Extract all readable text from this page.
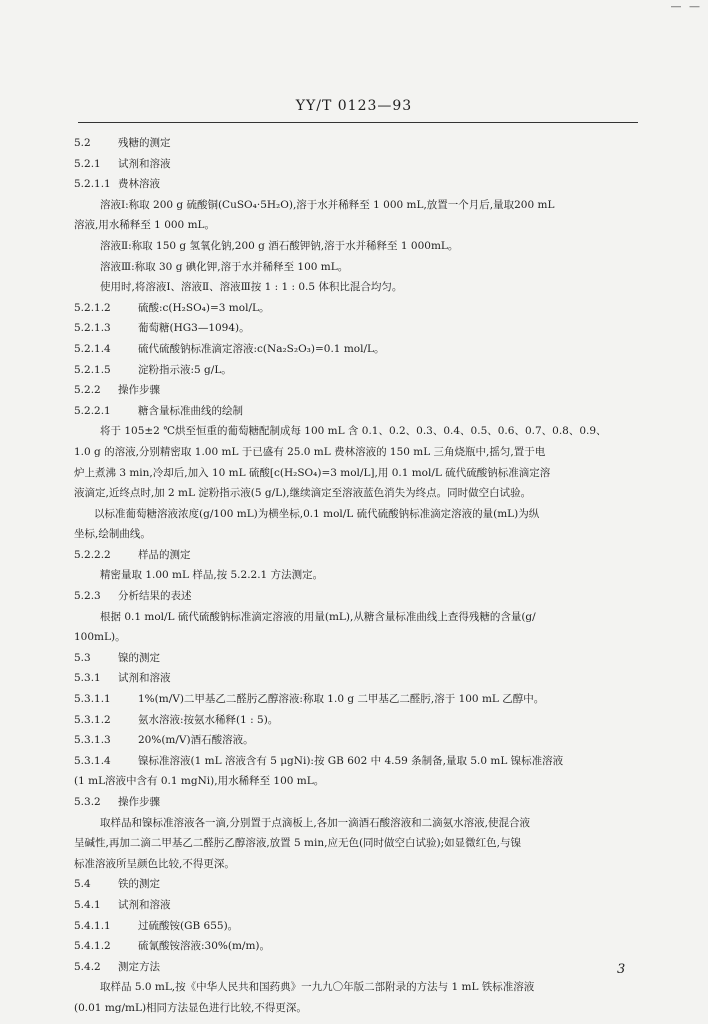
— —
YY/T 0123—93
5.2	残糖的测定
5.2.1 试剂和溶液
5.2.1.1 费林溶液
溶液Ⅰ:称取 200 g 硫酸铜(CuSO₄·5H₂O),溶于水并稀释至 1 000 mL,放置一个月后,量取200 mL
溶液,用水稀释至 1 000 mL。
溶液Ⅱ:称取 150 g 氢氧化钠,200 g 酒石酸钾钠,溶于水并稀释至 1 000mL。
溶液Ⅲ:称取 30 g 碘化钾,溶于水并稀释至 100 mL。
使用时,将溶液Ⅰ、溶液Ⅱ、溶液Ⅲ按 1 : 1 : 0.5 体积比混合均匀。
5.2.1.2	硫酸:c(H₂SO₄)=3 mol/L。
5.2.1.3	葡萄糖(HG3—1094)。
5.2.1.4	硫代硫酸钠标准滴定溶液:c(Na₂S₂O₃)=0.1 mol/L。
5.2.1.5	淀粉指示液:5 g/L。
5.2.2 操作步骤
5.2.2.1	糖含量标准曲线的绘制
将于 105±2 ℃烘至恒重的葡萄糖配制成每 100 mL 含 0.1、0.2、0.3、0.4、0.5、0.6、0.7、0.8、0.9、
1.0 g 的溶液,分别精密取 1.00 mL 于已盛有 25.0 mL 费林溶液的 150 mL 三角烧瓶中,摇匀,置于电
炉上煮沸 3 min,冷却后,加入 10 mL 硫酸[c(H₂SO₄)=3 mol/L],用 0.1 mol/L 硫代硫酸钠标准滴定溶
液滴定,近终点时,加 2 mL 淀粉指示液(5 g/L),继续滴定至溶液蓝色消失为终点。同时做空白试验。
以标准葡萄糖溶液浓度(g/100 mL)为横坐标,0.1 mol/L 硫代硫酸钠标准滴定溶液的量(mL)为纵
坐标,绘制曲线。
5.2.2.2	样品的测定
精密量取 1.00 mL 样品,按 5.2.2.1 方法测定。
5.2.3 分析结果的表述
根据 0.1 mol/L 硫代硫酸钠标准滴定溶液的用量(mL),从糖含量标准曲线上查得残糖的含量(g/
100mL)。
5.3	镍的测定
5.3.1 试剂和溶液
5.3.1.1	1%(m/V)二甲基乙二醛肟乙醇溶液:称取 1.0 g 二甲基乙二醛肟,溶于 100 mL 乙醇中。
5.3.1.2	氨水溶液:按氨水稀释(1 : 5)。
5.3.1.3	20%(m/V)酒石酸溶液。
5.3.1.4	镍标准溶液(1 mL 溶液含有 5 μgNi):按 GB 602 中 4.59 条制备,量取 5.0 mL 镍标准溶液
(1 mL溶液中含有 0.1 mgNi),用水稀释至 100 mL。
5.3.2 操作步骤
取样品和镍标准溶液各一滴,分别置于点滴板上,各加一滴酒石酸溶液和二滴氨水溶液,使混合液
呈碱性,再加二滴二甲基乙二醛肟乙醇溶液,放置 5 min,应无色(同时做空白试验);如显微红色,与镍
标准溶液所呈颜色比较,不得更深。
5.4	铁的测定
5.4.1 试剂和溶液
5.4.1.1	过硫酸铵(GB 655)。
5.4.1.2	硫氰酸铵溶液:30%(m/m)。
5.4.2 测定方法
取样品 5.0 mL,按《中华人民共和国药典》一九九〇年版二部附录的方法与 1 mL 铁标准溶液
(0.01 mg/mL)相同方法显色进行比较,不得更深。
3
